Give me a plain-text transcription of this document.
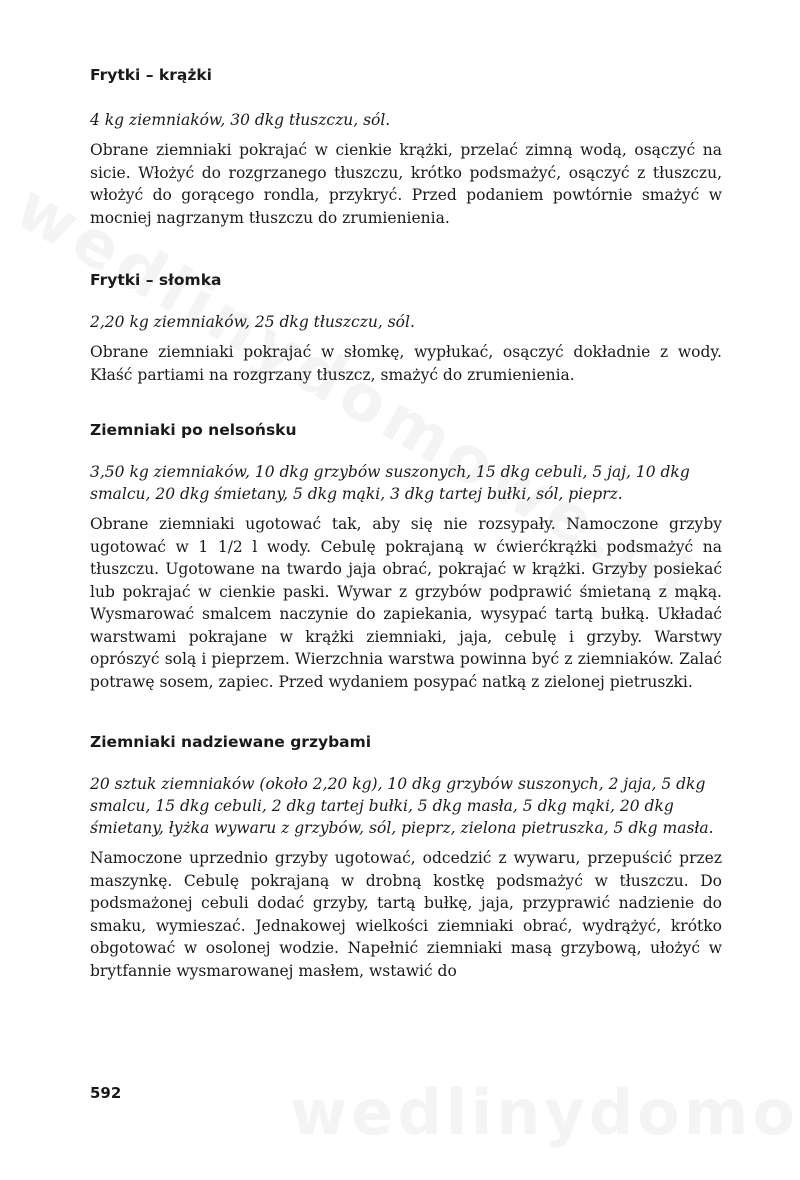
Frytki – krążki

4 kg ziemniaków, 30 dkg tłuszczu, sól.

Obrane ziemniaki pokrajać w cienkie krążki, przelać zimną wodą, osączyć na sicie. Włożyć do rozgrzanego tłuszczu, krótko podsmażyć, osączyć z tłuszczu, włożyć do gorącego rondla, przykryć. Przed podaniem powtórnie smażyć w mocniej nagrzanym tłuszczu do zrumienienia.

Frytki – słomka

2,20 kg ziemniaków, 25 dkg tłuszczu, sól.

Obrane ziemniaki pokrajać w słomkę, wypłukać, osączyć dokładnie z wody. Kłaść partiami na rozgrzany tłuszcz, smażyć do zrumienienia.

Ziemniaki po nelsońsku

3,50 kg ziemniaków, 10 dkg grzybów suszonych, 15 dkg cebuli, 5 jaj, 10 dkg smalcu, 20 dkg śmietany, 5 dkg mąki, 3 dkg tartej bułki, sól, pieprz.

Obrane ziemniaki ugotować tak, aby się nie rozsypały. Namoczone grzyby ugotować w 1 1/2 l wody. Cebulę pokrajaną w ćwierćkrążki podsmażyć na tłuszczu. Ugotowane na twardo jaja obrać, pokrajać w krążki. Grzyby posiekać lub pokrajać w cienkie paski. Wywar z grzybów podprawić śmietaną z mąką. Wysmarować smalcem naczynie do zapiekania, wysypać tartą bułką. Układać warstwami pokrajane w krążki ziemniaki, jaja, cebulę i grzyby. Warstwy oprószyć solą i pieprzem. Wierzchnia warstwa powinna być z ziemniaków. Zalać potrawę sosem, zapiec. Przed wydaniem posypać natką z zielonej pietruszki.

Ziemniaki nadziewane grzybami

20 sztuk ziemniaków (około 2,20 kg), 10 dkg grzybów suszonych, 2 jaja, 5 dkg smalcu, 15 dkg cebuli, 2 dkg tartej bułki, 5 dkg masła, 5 dkg mąki, 20 dkg śmietany, łyżka wywaru z grzybów, sól, pieprz, zielona pietruszka, 5 dkg masła.

Namoczone uprzednio grzyby ugotować, odcedzić z wywaru, przepuścić przez maszynkę. Cebulę pokrajaną w drobną kostkę podsmażyć w tłuszczu. Do podsmażonej cebuli dodać grzyby, tartą bułkę, jaja, przyprawić nadzienie do smaku, wymieszać. Jednakowej wielkości ziemniaki obrać, wydrążyć, krótko obgotować w osolonej wodzie. Napełnić ziemniaki masą grzybową, ułożyć w brytfannie wysmarowanej masłem, wstawić do

592
